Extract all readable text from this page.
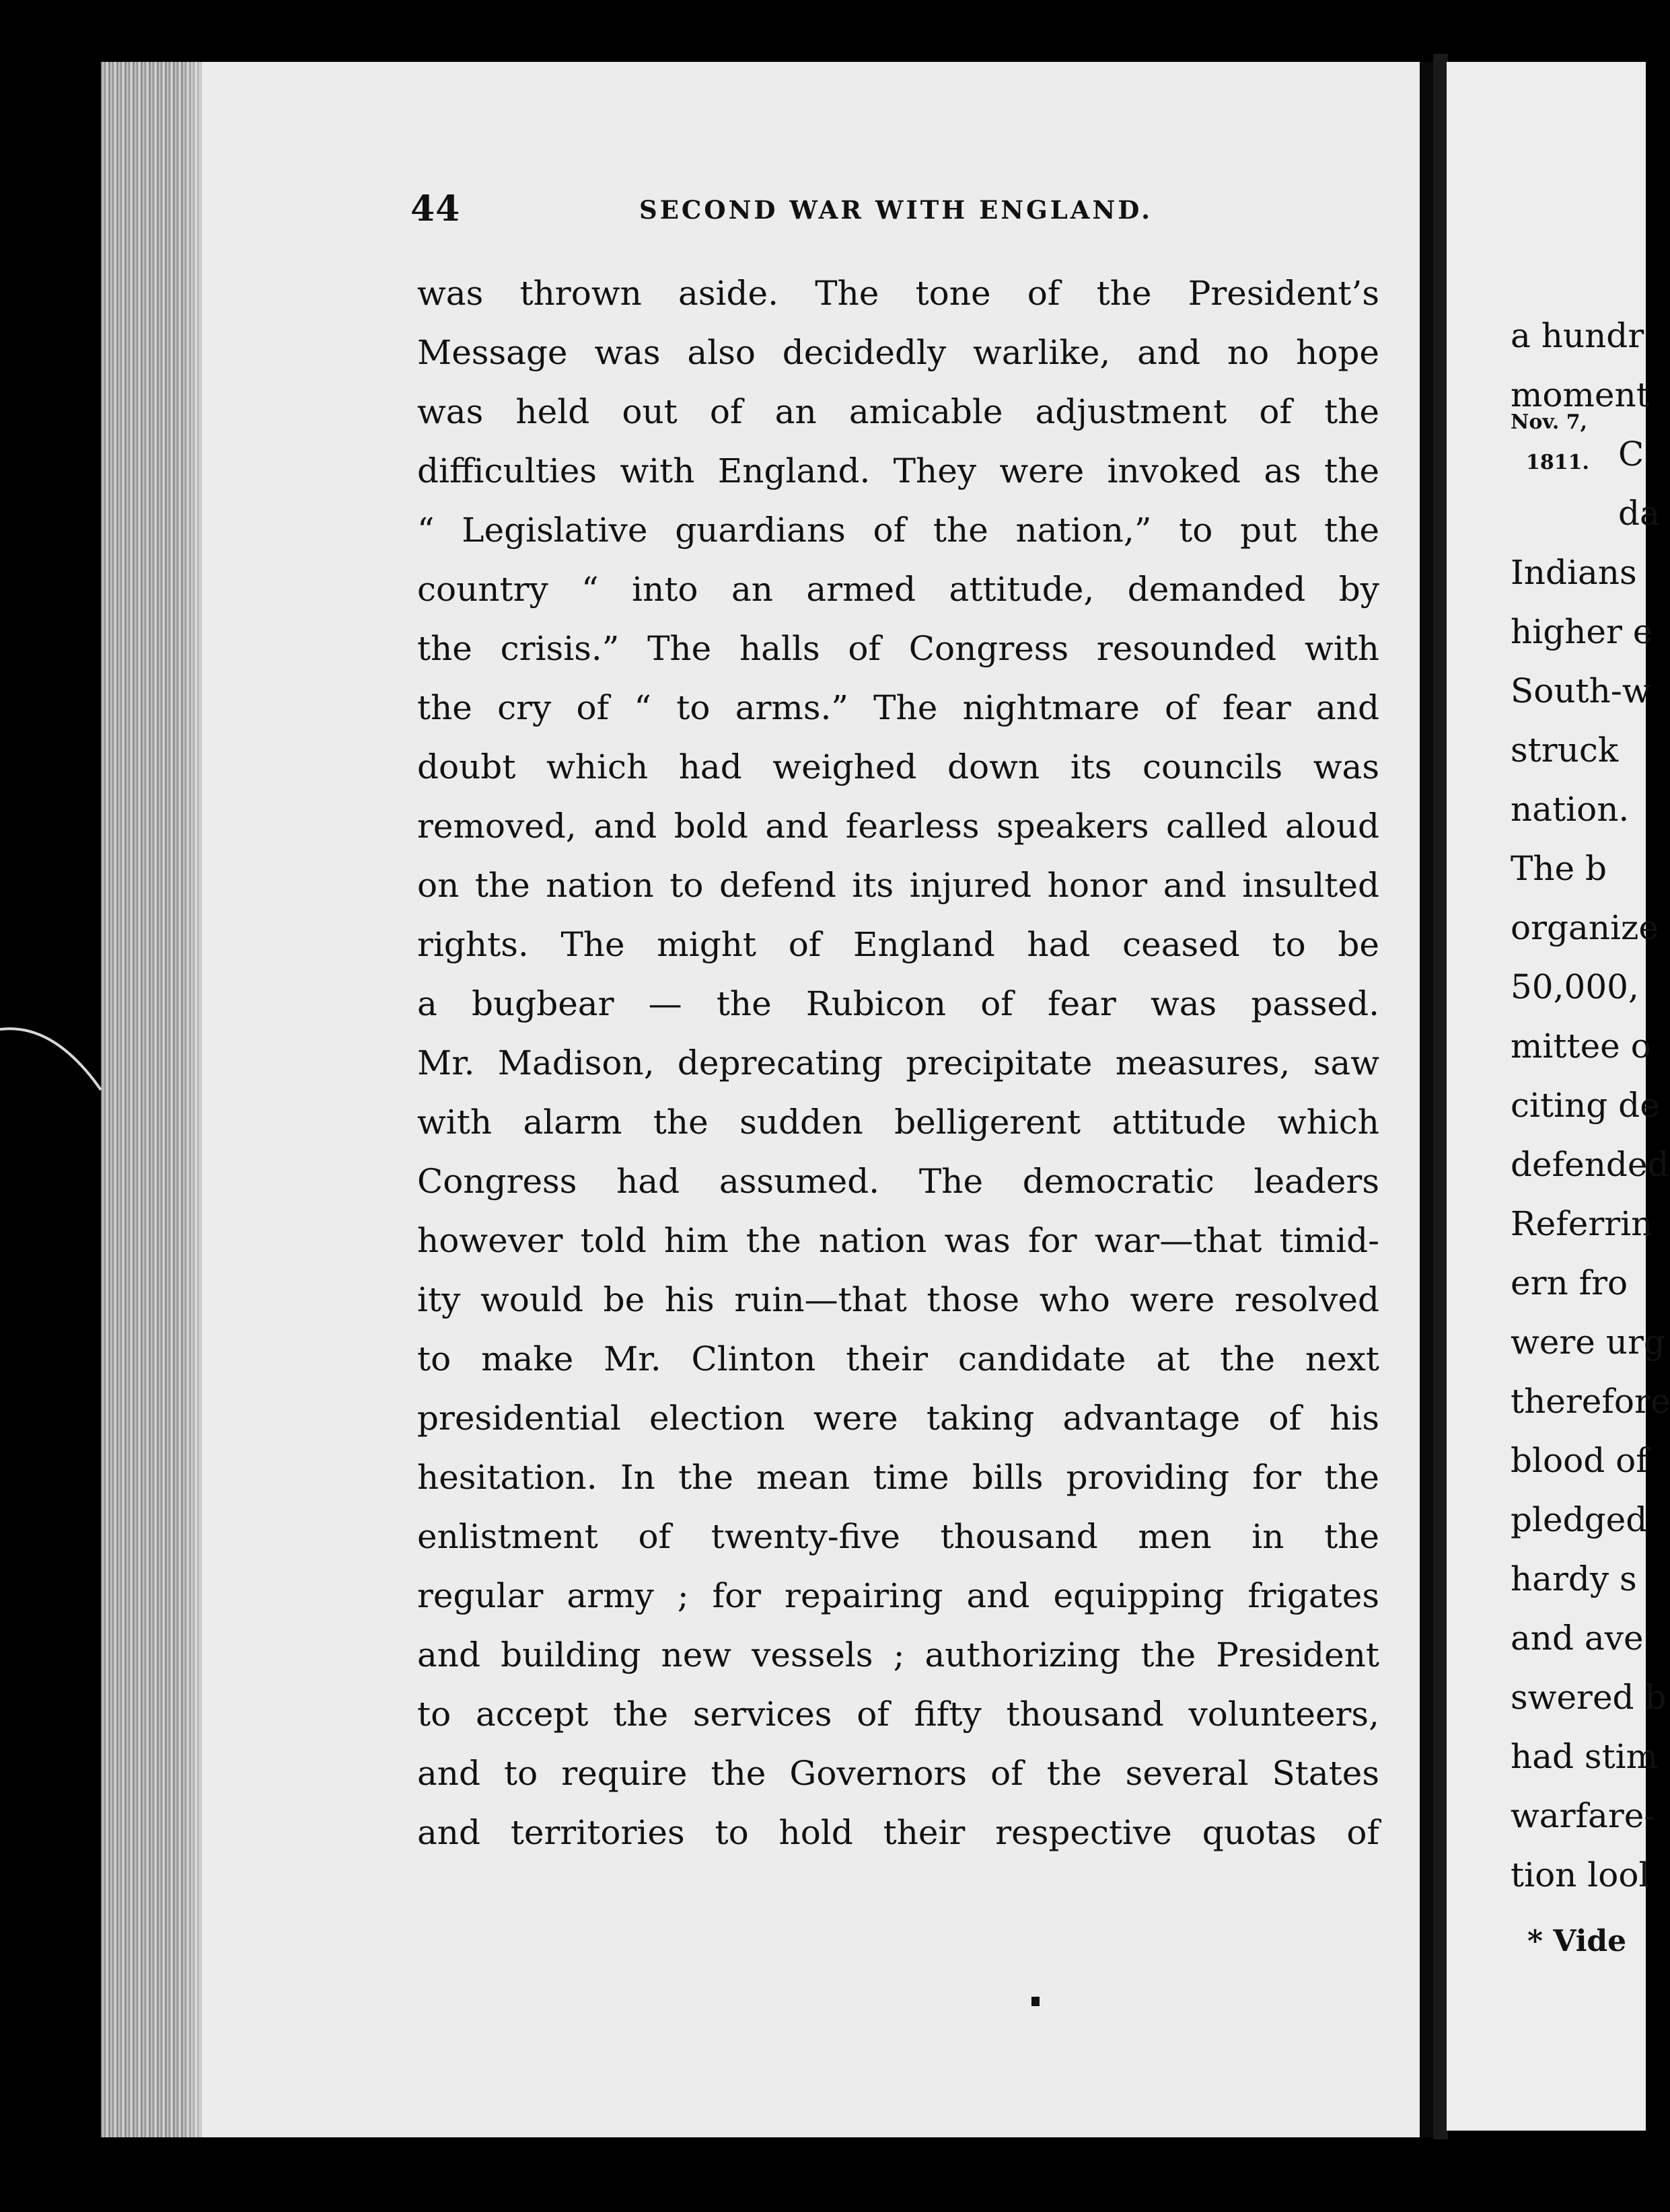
44	SECOND WAR WITH ENGLAND.
was thrown aside. The tone of the President’s
Message was also decidedly warlike, and no hope
was held out of an amicable adjustment of the
difficulties with England. They were invoked as the
“ Legislative guardians of the nation,” to put the
country “ into an armed attitude, demanded by
the crisis.” The halls of Congress resounded with
the cry of “ to arms.” The nightmare of fear and
doubt which had weighed down its councils was
removed, and bold and fearless speakers called aloud
on the nation to defend its injured honor and insulted
rights. The might of England had ceased to be
a bugbear — the Rubicon of fear was passed.
Mr. Madison, deprecating precipitate measures, saw
with alarm the sudden belligerent attitude which
Congress had assumed. The democratic leaders
however told him the nation was for war—that timid-
ity would be his ruin—that those who were resolved
to make Mr. Clinton their candidate at the next
presidential election were taking advantage of his
hesitation. In the mean time bills providing for the
enlistment of twenty-five thousand men in the
regular army ; for repairing and equipping frigates
and building new vessels ; authorizing the President
to accept the services of fifty thousand volunteers,
and to require the Governors of the several States
and territories to hold their respective quotas of
a hundr
moment
C
da
Indians
higher e
South-w
struck
nation.
The b
organize
50,000,
mittee o
citing de
defended
Referrin
ern fro
were urg
therefore
blood of
pledged
hardy s
and ave
swered b
had stim
warfare-
tion lool
Nov. 7,
1811.
* Vide
